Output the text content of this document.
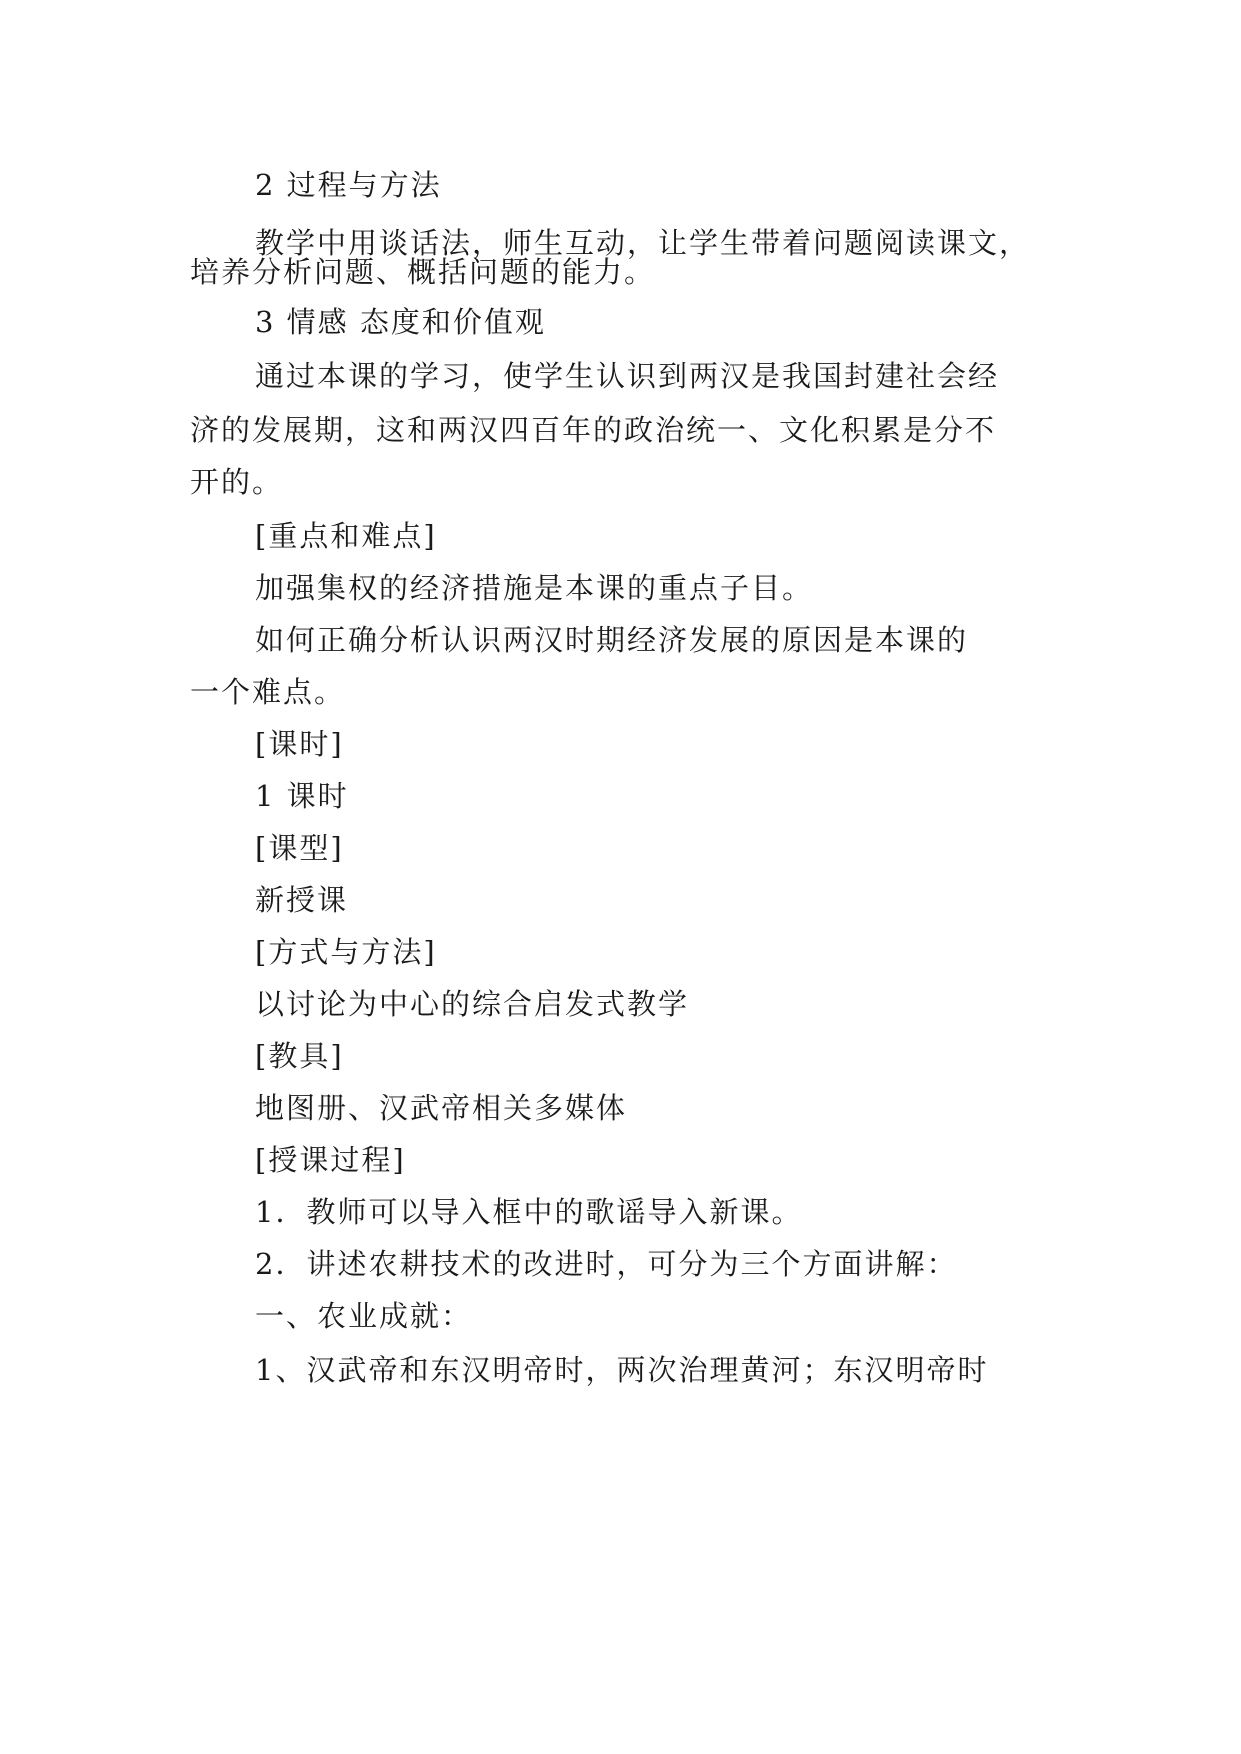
2 过程与方法
教学中用谈话法，师生互动，让学生带着问题阅读课文，
培养分析问题、概括问题的能力。
3 情感 态度和价值观
通过本课的学习，使学生认识到两汉是我国封建社会经
济的发展期，这和两汉四百年的政治统一、文化积累是分不
开的。
[重点和难点]
加强集权的经济措施是本课的重点子目。
如何正确分析认识两汉时期经济发展的原因是本课的
一个难点。
[课时]
1 课时
[课型]
新授课
[方式与方法]
以讨论为中心的综合启发式教学
[教具]
地图册、汉武帝相关多媒体
[授课过程]
1．教师可以导入框中的歌谣导入新课。
2．讲述农耕技术的改进时，可分为三个方面讲解：
一、农业成就：
1、汉武帝和东汉明帝时，两次治理黄河；东汉明帝时
